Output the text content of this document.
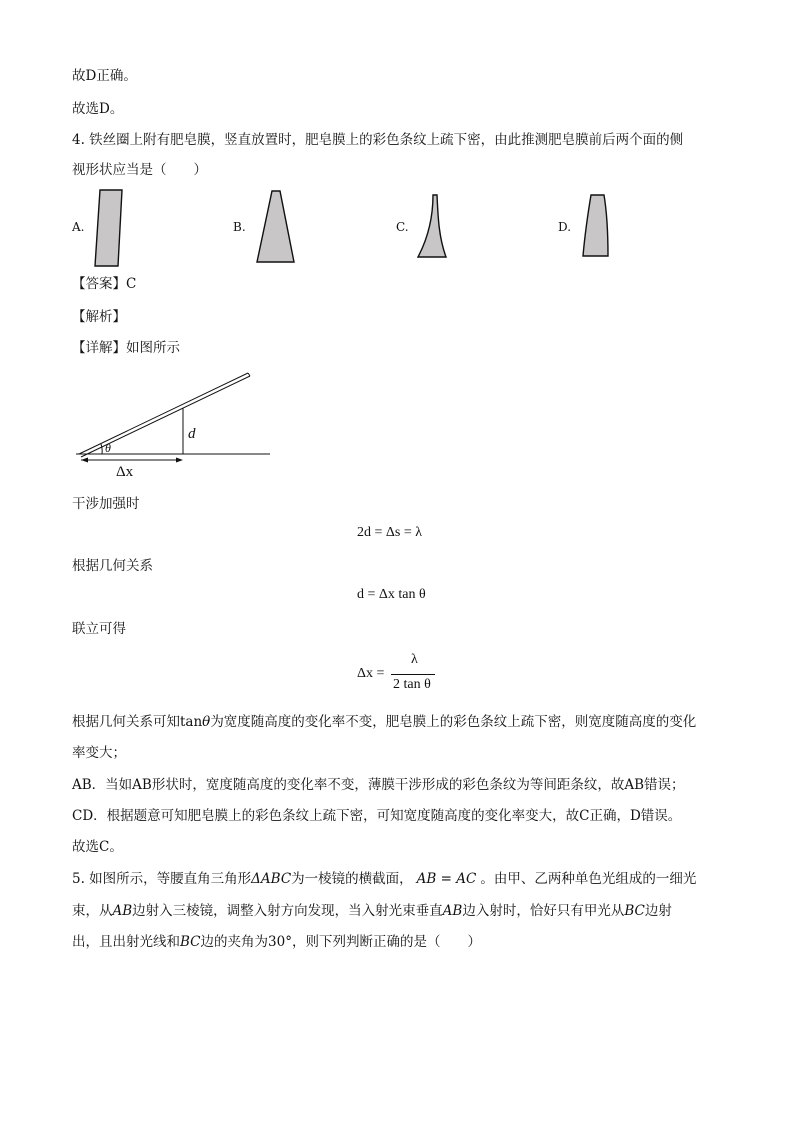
故D正确。
故选D。
4. 铁丝圈上附有肥皂膜，竖直放置时，肥皂膜上的彩色条纹上疏下密，由此推测肥皂膜前后两个面的侧
视形状应当是（　　）
A.	B.	C.	D.
【答案】C
【解析】
【详解】如图所示
θ
d
Δx
干涉加强时
2d = Δs = λ
根据几何关系
d = Δx tan θ
联立可得
Δx =
λ
2 tan θ
根据几何关系可知tanθ为宽度随高度的变化率不变，肥皂膜上的彩色条纹上疏下密，则宽度随高度的变化
率变大；
AB．当如AB形状时，宽度随高度的变化率不变，薄膜干涉形成的彩色条纹为等间距条纹，故AB错误；
CD．根据题意可知肥皂膜上的彩色条纹上疏下密，可知宽度随高度的变化率变大，故C正确，D错误。
故选C。
5. 如图所示，等腰直角三角形ΔABC为一棱镜的横截面， AB = AC 。由甲、乙两种单色光组成的一细光
束，从AB边射入三棱镜，调整入射方向发现，当入射光束垂直AB边入射时，恰好只有甲光从BC边射
出，且出射光线和BC边的夹角为30°，则下列判断正确的是（　　）
